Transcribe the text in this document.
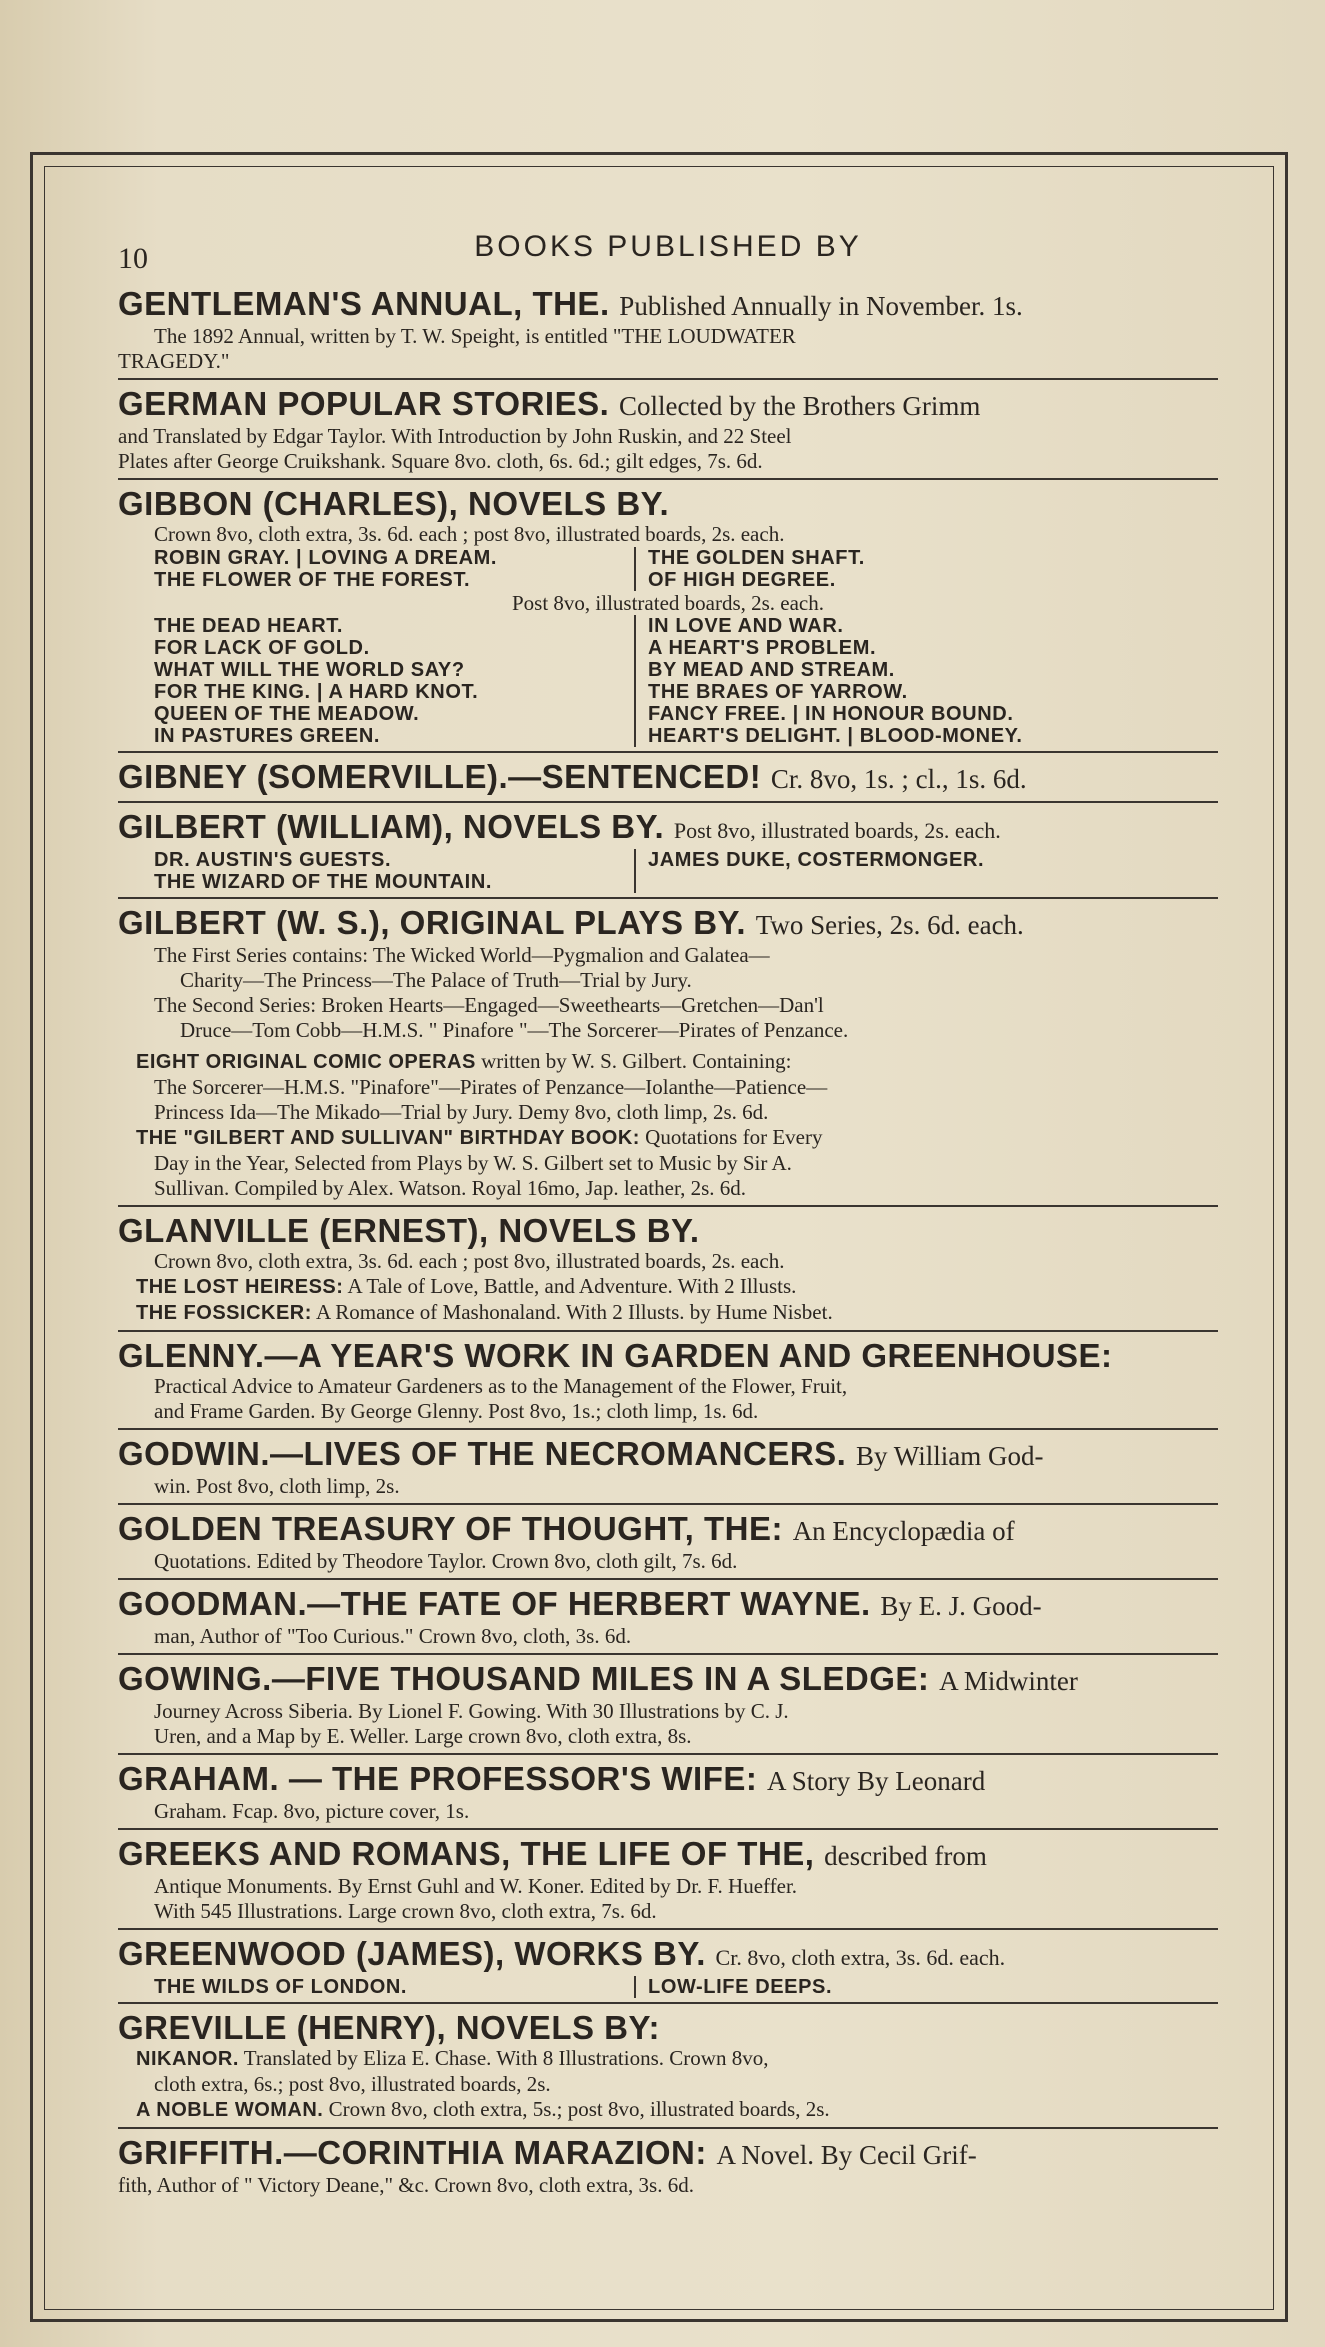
10	BOOKS PUBLISHED BY
GENTLEMAN'S ANNUAL, THE. Published Annually in November. 1s.
The 1892 Annual, written by T. W. Speight, is entitled "THE LOUDWATER
TRAGEDY."
GERMAN POPULAR STORIES. Collected by the Brothers Grimm
and Translated by Edgar Taylor. With Introduction by John Ruskin, and 22 Steel
Plates after George Cruikshank. Square 8vo. cloth, 6s. 6d.; gilt edges, 7s. 6d.
GIBBON (CHARLES), NOVELS BY.
Crown 8vo, cloth extra, 3s. 6d. each ; post 8vo, illustrated boards, 2s. each.
ROBIN GRAY. | LOVING A DREAM.
THE FLOWER OF THE FOREST.
THE GOLDEN SHAFT.
OF HIGH DEGREE.
Post 8vo, illustrated boards, 2s. each.
THE DEAD HEART.
FOR LACK OF GOLD.
WHAT WILL THE WORLD SAY?
FOR THE KING. | A HARD KNOT.
QUEEN OF THE MEADOW.
IN PASTURES GREEN.
IN LOVE AND WAR.
A HEART'S PROBLEM.
BY MEAD AND STREAM.
THE BRAES OF YARROW.
FANCY FREE. | IN HONOUR BOUND.
HEART'S DELIGHT. | BLOOD-MONEY.
GIBNEY (SOMERVILLE).—SENTENCED! Cr. 8vo, 1s. ; cl., 1s. 6d.
GILBERT (WILLIAM), NOVELS BY. Post 8vo, illustrated boards, 2s. each.
DR. AUSTIN'S GUESTS.
THE WIZARD OF THE MOUNTAIN.
JAMES DUKE, COSTERMONGER.
GILBERT (W. S.), ORIGINAL PLAYS BY. Two Series, 2s. 6d. each.
The First Series contains: The Wicked World—Pygmalion and Galatea—
Charity—The Princess—The Palace of Truth—Trial by Jury.
The Second Series: Broken Hearts—Engaged—Sweethearts—Gretchen—Dan'l
Druce—Tom Cobb—H.M.S. " Pinafore "—The Sorcerer—Pirates of Penzance.
EIGHT ORIGINAL COMIC OPERAS written by W. S. Gilbert. Containing:
The Sorcerer—H.M.S. "Pinafore"—Pirates of Penzance—Iolanthe—Patience—
Princess Ida—The Mikado—Trial by Jury. Demy 8vo, cloth limp, 2s. 6d.
THE "GILBERT AND SULLIVAN" BIRTHDAY BOOK: Quotations for Every
Day in the Year, Selected from Plays by W. S. Gilbert set to Music by Sir A.
Sullivan. Compiled by Alex. Watson. Royal 16mo, Jap. leather, 2s. 6d.
GLANVILLE (ERNEST), NOVELS BY.
Crown 8vo, cloth extra, 3s. 6d. each ; post 8vo, illustrated boards, 2s. each.
THE LOST HEIRESS: A Tale of Love, Battle, and Adventure. With 2 Illusts.
THE FOSSICKER: A Romance of Mashonaland. With 2 Illusts. by Hume Nisbet.
GLENNY.—A YEAR'S WORK IN GARDEN AND GREENHOUSE:
Practical Advice to Amateur Gardeners as to the Management of the Flower, Fruit,
and Frame Garden. By George Glenny. Post 8vo, 1s.; cloth limp, 1s. 6d.
GODWIN.—LIVES OF THE NECROMANCERS. By William God-
win. Post 8vo, cloth limp, 2s.
GOLDEN TREASURY OF THOUGHT, THE: An Encyclopædia of
Quotations. Edited by Theodore Taylor. Crown 8vo, cloth gilt, 7s. 6d.
GOODMAN.—THE FATE OF HERBERT WAYNE. By E. J. Good-
man, Author of "Too Curious." Crown 8vo, cloth, 3s. 6d.
GOWING.—FIVE THOUSAND MILES IN A SLEDGE: A Midwinter
Journey Across Siberia. By Lionel F. Gowing. With 30 Illustrations by C. J.
Uren, and a Map by E. Weller. Large crown 8vo, cloth extra, 8s.
GRAHAM. — THE PROFESSOR'S WIFE: A Story By Leonard
Graham. Fcap. 8vo, picture cover, 1s.
GREEKS AND ROMANS, THE LIFE OF THE, described from
Antique Monuments. By Ernst Guhl and W. Koner. Edited by Dr. F. Hueffer.
With 545 Illustrations. Large crown 8vo, cloth extra, 7s. 6d.
GREENWOOD (JAMES), WORKS BY. Cr. 8vo, cloth extra, 3s. 6d. each.
THE WILDS OF LONDON.	LOW-LIFE DEEPS.
GREVILLE (HENRY), NOVELS BY:
NIKANOR. Translated by Eliza E. Chase. With 8 Illustrations. Crown 8vo,
cloth extra, 6s.; post 8vo, illustrated boards, 2s.
A NOBLE WOMAN. Crown 8vo, cloth extra, 5s.; post 8vo, illustrated boards, 2s.
GRIFFITH.—CORINTHIA MARAZION: A Novel. By Cecil Grif-
fith, Author of " Victory Deane," &c. Crown 8vo, cloth extra, 3s. 6d.
